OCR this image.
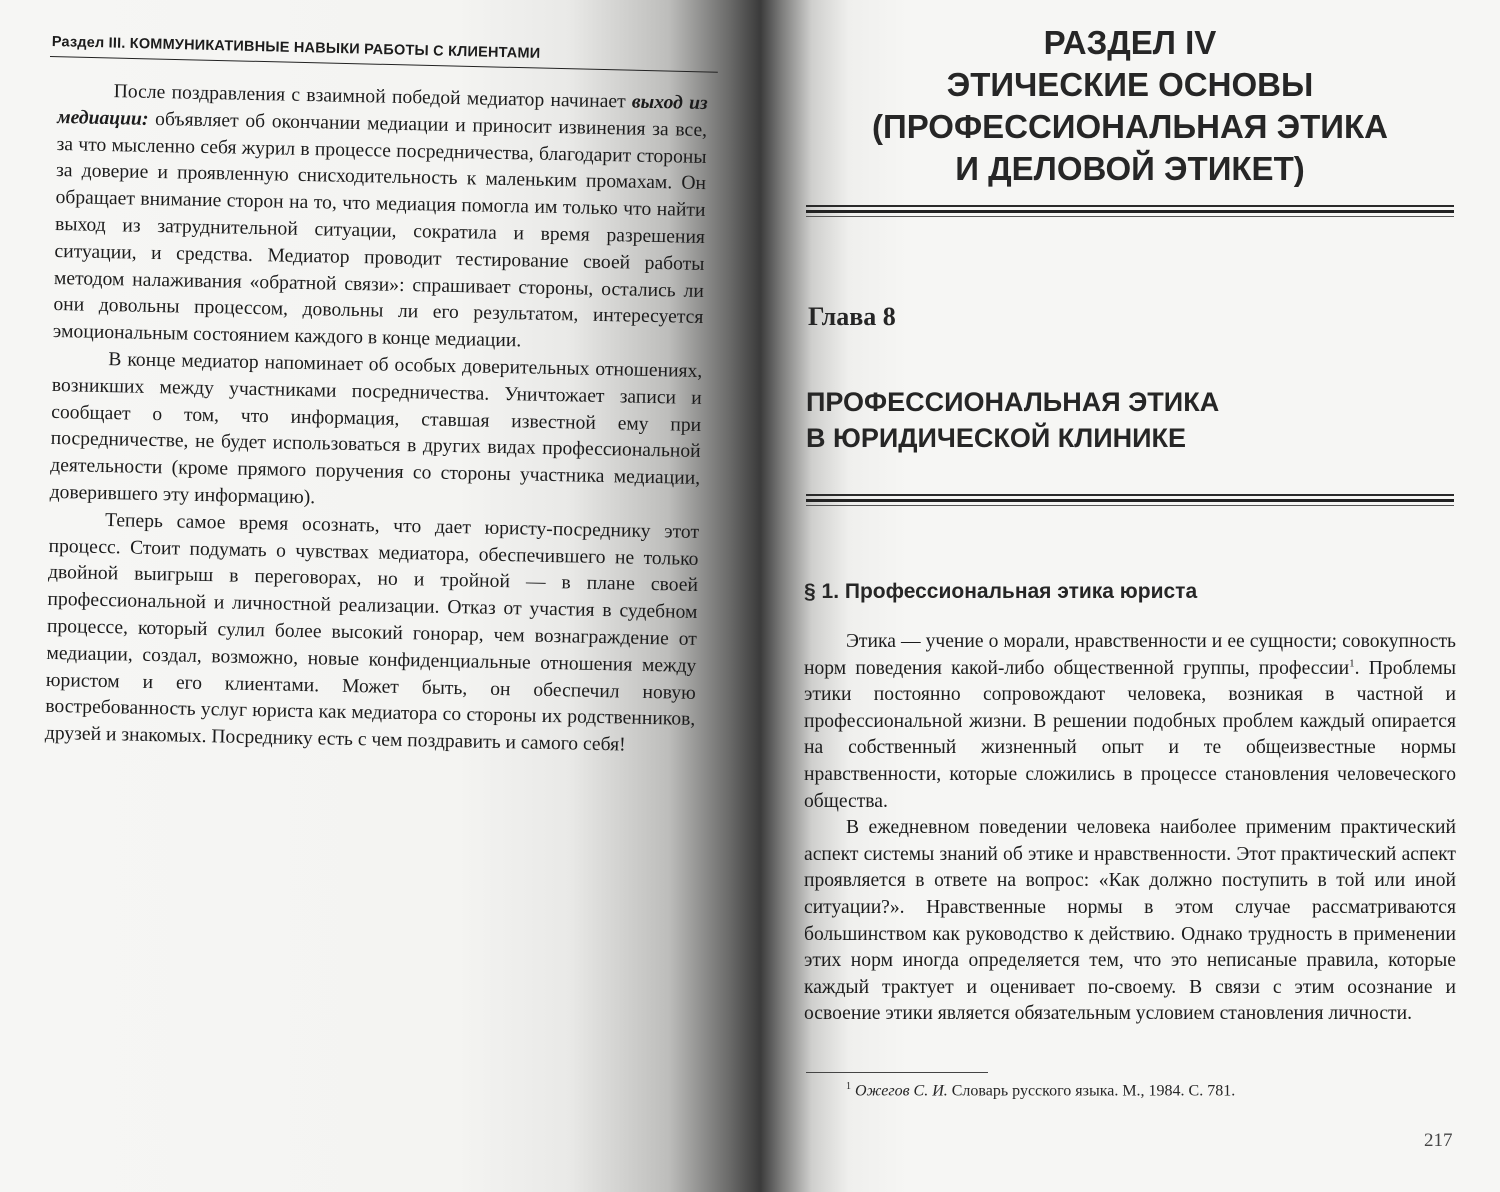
Раздел III. КОММУНИКАТИВНЫЕ НАВЫКИ РАБОТЫ С КЛИЕНТАМИ

После поздравления с взаимной победой медиатор начинает выход из медиации: объявляет об окончании медиации и приносит извинения за все, за что мысленно себя журил в процессе посредничества, благодарит стороны за доверие и проявленную снисходительность к маленьким промахам. Он обращает внимание сторон на то, что медиация помогла им только что найти выход из затруднительной ситуации, сократила и время разрешения ситуации, и средства. Медиатор проводит тестирование своей работы методом налаживания «обратной связи»: спрашивает стороны, остались ли они довольны процессом, довольны ли его результатом, интересуется эмоциональным состоянием каждого в конце медиации.

В конце медиатор напоминает об особых доверительных отношениях, возникших между участниками посредничества. Уничтожает записи и сообщает о том, что информация, ставшая известной ему при посредничестве, не будет использоваться в других видах профессиональной деятельности (кроме прямого поручения со стороны участника медиации, доверившего эту информацию).

Теперь самое время осознать, что дает юристу-посреднику этот процесс. Стоит подумать о чувствах медиатора, обеспечившего не только двойной выигрыш в переговорах, но и тройной — в плане своей профессиональной и личностной реализации. Отказ от участия в судебном процессе, который сулил более высокий гонорар, чем вознаграждение от медиации, создал, возможно, новые конфиденциальные отношения между юристом и его клиентами. Может быть, он обеспечил новую востребованность услуг юриста как медиатора со стороны их родственников, друзей и знакомых. Посреднику есть с чем поздравить и самого себя!

РАЗДЕЛ IV
ЭТИЧЕСКИЕ ОСНОВЫ
(ПРОФЕССИОНАЛЬНАЯ ЭТИКА
И ДЕЛОВОЙ ЭТИКЕТ)
Глава 8
ПРОФЕССИОНАЛЬНАЯ ЭТИКА
В ЮРИДИЧЕСКОЙ КЛИНИКЕ
§ 1. Профессиональная этика юриста

Этика — учение о морали, нравственности и ее сущности; совокупность норм поведения какой-либо общественной группы, профессии$^1$. Проблемы этики постоянно сопровождают человека, возникая в частной и профессиональной жизни. В решении подобных проблем каждый опирается на собственный жизненный опыт и те общеизвестные нормы нравственности, которые сложились в процессе становления человеческого общества.

В ежедневном поведении человека наиболее применим практический аспект системы знаний об этике и нравственности. Этот практический аспект проявляется в ответе на вопрос: «Как должно поступить в той или иной ситуации?». Нравственные нормы в этом случае рассматриваются большинством как руководство к действию. Однако трудность в применении этих норм иногда определяется тем, что это неписаные правила, которые каждый трактует и оценивает по-своему. В связи с этим осознание и освоение этики является обязательным условием становления личности.

$^1$ Ожегов С. И. Словарь русского языка. М., 1984. С. 781.
217
